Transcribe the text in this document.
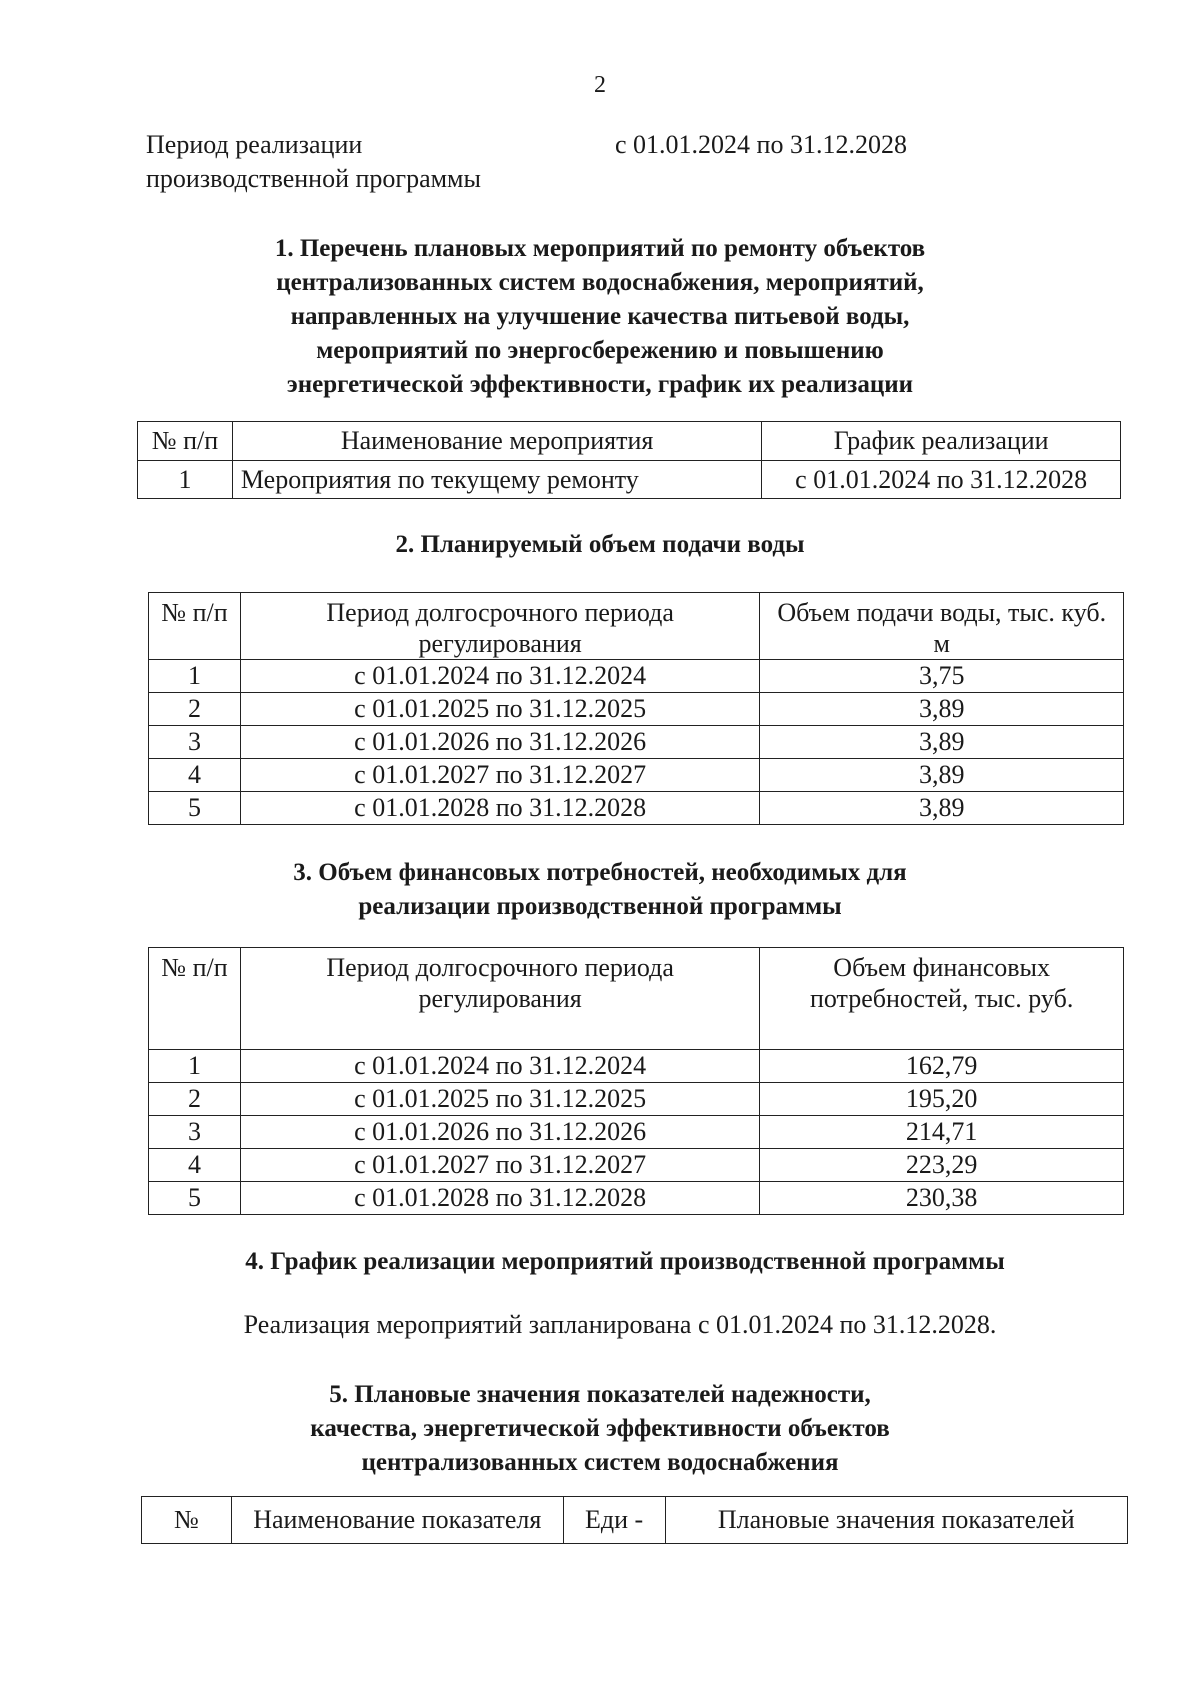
2
Период реализации
производственной программы
с 01.01.2024 по 31.12.2028
1. Перечень плановых мероприятий по ремонту объектов
централизованных систем водоснабжения, мероприятий,
направленных на улучшение качества питьевой воды,
мероприятий по энергосбережению и повышению
энергетической эффективности, график их реализации
№ п/п	Наименование мероприятия	График реализации
1	Мероприятия по текущему ремонту	с 01.01.2024 по 31.12.2028
2. Планируемый объем подачи воды
№ п/п	Период долгосрочного периода регулирования	Объем подачи воды, тыс. куб. м
1	с 01.01.2024 по 31.12.2024	3,75
2	с 01.01.2025 по 31.12.2025	3,89
3	с 01.01.2026 по 31.12.2026	3,89
4	с 01.01.2027 по 31.12.2027	3,89
5	с 01.01.2028 по 31.12.2028	3,89
3. Объем финансовых потребностей, необходимых для
реализации производственной программы
№ п/п	Период долгосрочного периода регулирования	Объем финансовых потребностей, тыс. руб.
1	с 01.01.2024 по 31.12.2024	162,79
2	с 01.01.2025 по 31.12.2025	195,20
3	с 01.01.2026 по 31.12.2026	214,71
4	с 01.01.2027 по 31.12.2027	223,29
5	с 01.01.2028 по 31.12.2028	230,38
4. График реализации мероприятий производственной программы
Реализация мероприятий запланирована с 01.01.2024 по 31.12.2028.
5. Плановые значения показателей надежности,
качества, энергетической эффективности объектов
централизованных систем водоснабжения
№	Наименование показателя	Еди -	Плановые значения показателей
